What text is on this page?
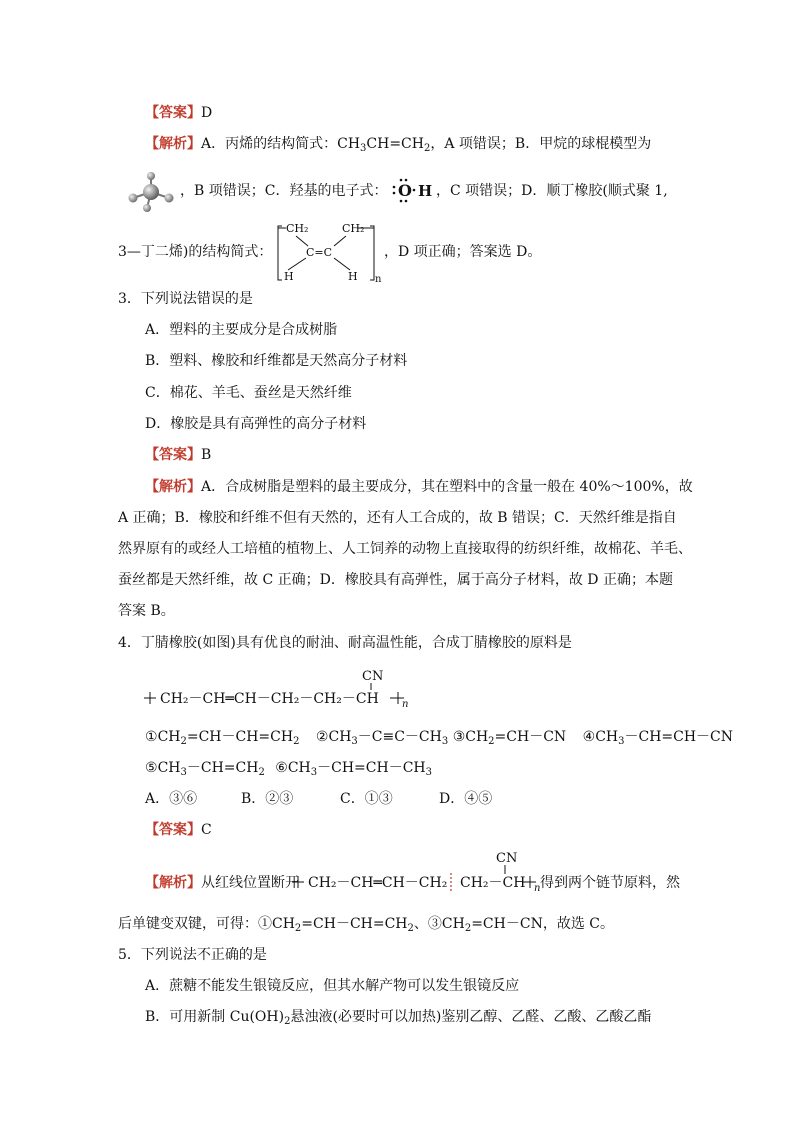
【答案】D
【解析】A．丙烯的结构简式：$CH_3CH=CH_2$，A 项错误；B．甲烷的球棍模型为
，B 项错误；C．羟基的电子式： O H ，C 项错误；D．顺丁橡胶(顺式聚 1,
3—丁二烯)的结构简式：
CH₂	CH₂
C=C
H	H n
，D 项正确；答案选 D。
3．下列说法错误的是
A．塑料的主要成分是合成树脂
B．塑料、橡胶和纤维都是天然高分子材料
C．棉花、羊毛、蚕丝是天然纤维
D．橡胶是具有高弹性的高分子材料
【答案】B
【解析】A．合成树脂是塑料的最主要成分，其在塑料中的含量一般在 40%～100%，故
A 正确；B．橡胶和纤维不但有天然的，还有人工合成的，故 B 错误；C．天然纤维是指自
然界原有的或经人工培植的植物上、人工饲养的动物上直接取得的纺织纤维，故棉花、羊毛、
蚕丝都是天然纤维，故 C 正确；D．橡胶具有高弹性，属于高分子材料，故 D 正确；本题
答案 B。
4．丁腈橡胶(如图)具有优良的耐油、耐高温性能，合成丁腈橡胶的原料是
CH₂－CH═CH－CH₂－CH₂－CH
CN
n
$①CH_2=CH-CH=CH_2$ $②CH_3-C\equiv C-CH_3$ $③CH_2=CH-CN$ $④CH_3-CH=CH-CN$
$⑤CH_3-CH=CH_2$ $⑥CH_3-CH=CH-CH_3$
A．③⑥	B．②③	C．①③	D．④⑤
【答案】C
【解析】从红线位置断开 CH₂－CH═CH－CH₂ CH₂－CH
CN
n 得到两个链节原料，然
后单键变双键，可得：$①CH_2=CH-CH=CH_2$、$③CH_2=CH-CN$，故选 C。
5．下列说法不正确的是
A．蔗糖不能发生银镜反应，但其水解产物可以发生银镜反应
B．可用新制 $Cu(OH)_2$悬浊液(必要时可以加热)鉴别乙醇、乙醛、乙酸、乙酸乙酯
